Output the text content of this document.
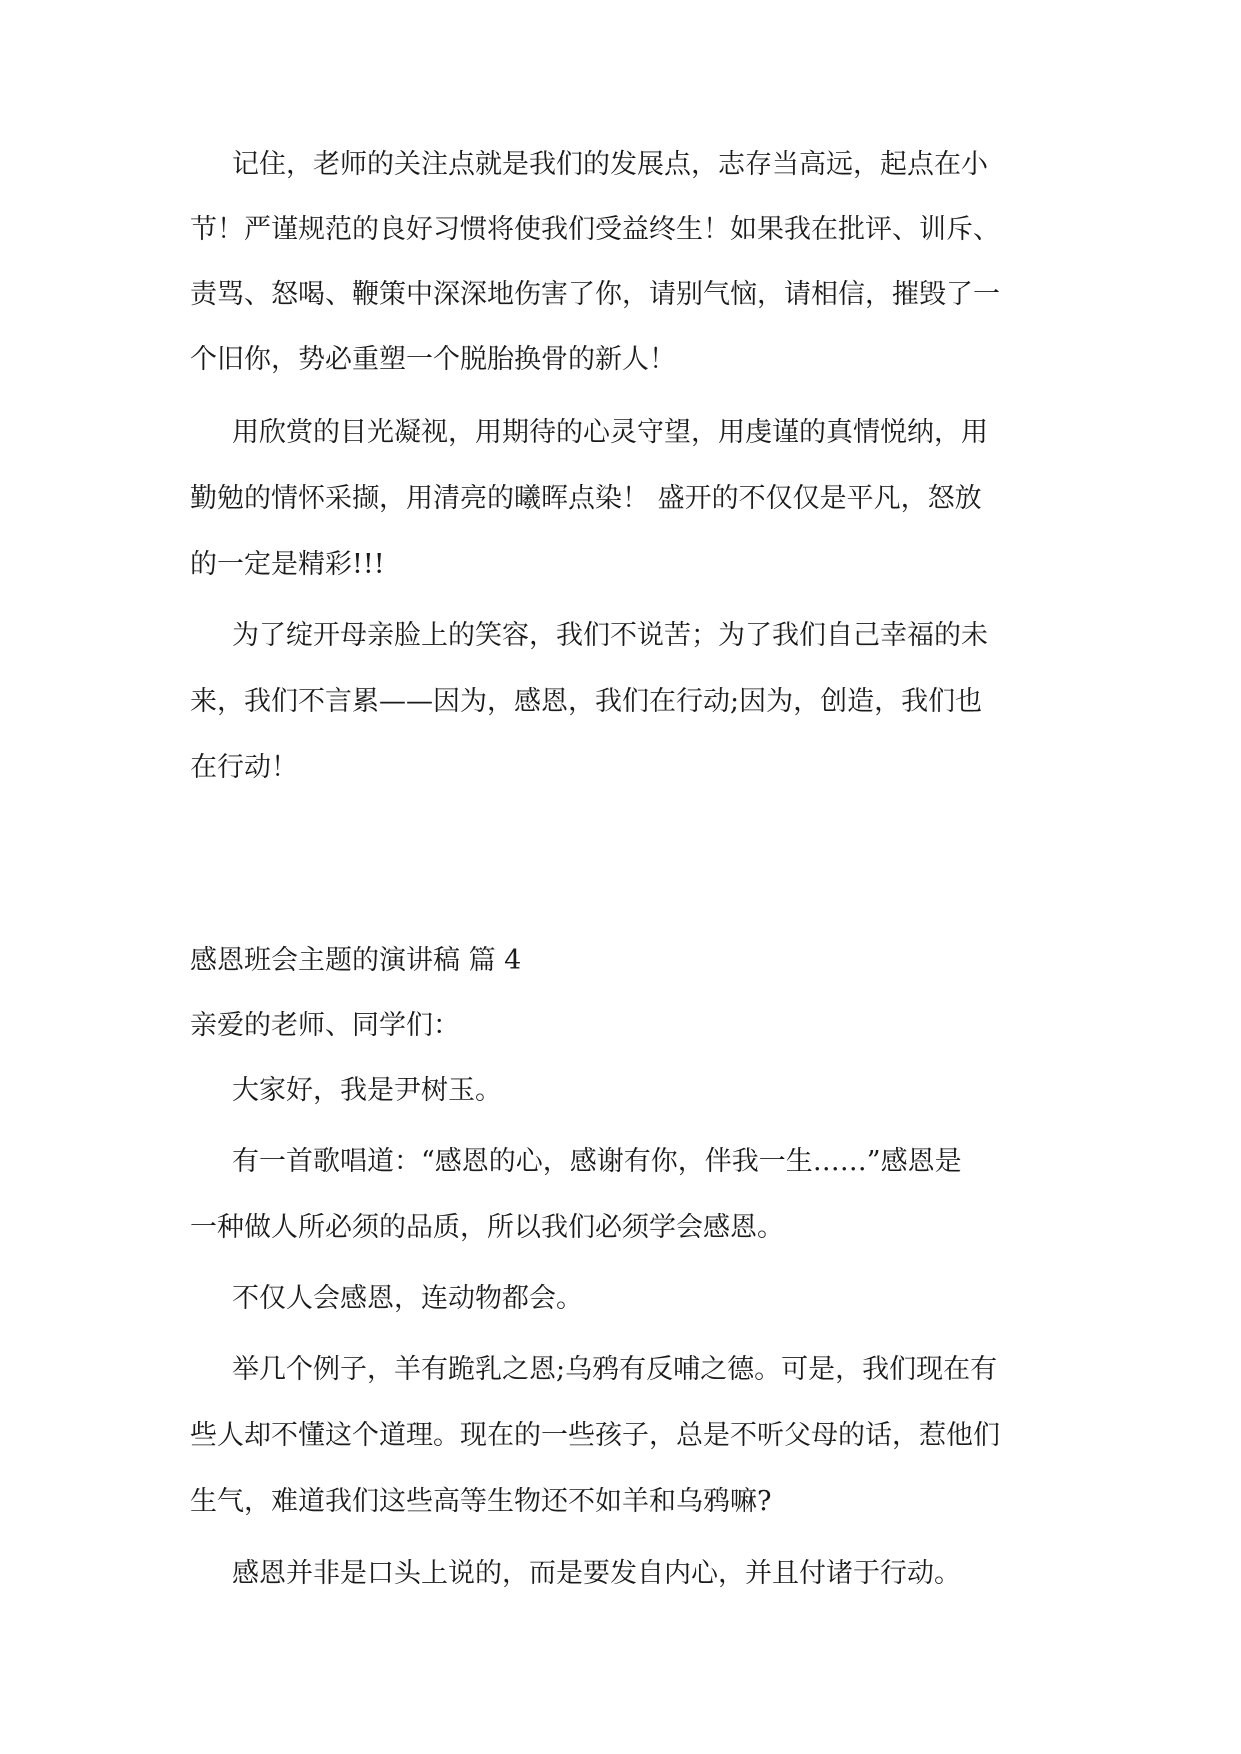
记住，老师的关注点就是我们的发展点，志存当高远，起点在小
节！严谨规范的良好习惯将使我们受益终生！如果我在批评、训斥、
责骂、怒喝、鞭策中深深地伤害了你，请别气恼，请相信，摧毁了一
个旧你，势必重塑一个脱胎换骨的新人！
用欣赏的目光凝视，用期待的心灵守望，用虔谨的真情悦纳，用
勤勉的情怀采撷，用清亮的曦晖点染！ 盛开的不仅仅是平凡，怒放
的一定是精彩!!!
为了绽开母亲脸上的笑容，我们不说苦；为了我们自己幸福的未
来，我们不言累——因为，感恩，我们在行动;因为，创造，我们也
在行动！
感恩班会主题的演讲稿 篇 4
亲爱的老师、同学们：
大家好，我是尹树玉。
有一首歌唱道：“感恩的心，感谢有你，伴我一生……”感恩是
一种做人所必须的品质，所以我们必须学会感恩。
不仅人会感恩，连动物都会。
举几个例子，羊有跪乳之恩;乌鸦有反哺之德。可是，我们现在有
些人却不懂这个道理。现在的一些孩子，总是不听父母的话，惹他们
生气，难道我们这些高等生物还不如羊和乌鸦嘛?
感恩并非是口头上说的，而是要发自内心，并且付诸于行动。
